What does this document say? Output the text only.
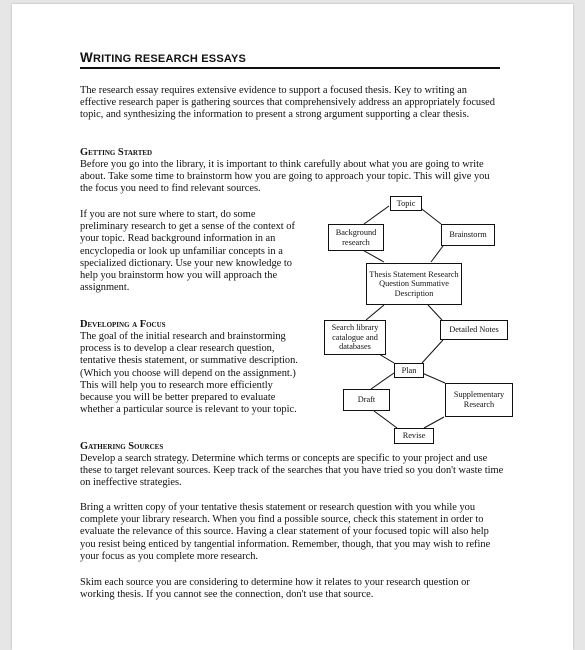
WRITING RESEARCH ESSAYS

The research essay requires extensive evidence to support a focused thesis. Key to writing an effective research paper is gathering sources that comprehensively address an appropriately focused topic, and synthesizing the information to present a strong argument supporting a clear thesis.

Getting Started

Before you go into the library, it is important to think carefully about what you are going to write about. Take some time to brainstorm how you are going to approach your topic. This will give you the focus you need to find relevant sources.

If you are not sure where to start, do some preliminary research to get a sense of the context of your topic. Read background information in an encyclopedia or look up unfamiliar concepts in a specialized dictionary. Use your new knowledge to help you brainstorm how you will approach the assignment.

Developing a Focus

The goal of the initial research and brainstorming process is to develop a clear research question, tentative thesis statement, or summative description. (Which you choose will depend on the assignment.) This will help you to research more efficiently because you will be better prepared to evaluate whether a particular source is relevant to your topic.

Gathering Sources

Develop a search strategy. Determine which terms or concepts are specific to your project and use these to target relevant sources. Keep track of the searches that you have tried so you don't waste time on ineffective strategies.

Bring a written copy of your tentative thesis statement or research question with you while you complete your library research. When you find a possible source, check this statement in order to evaluate the relevance of this source. Having a clear statement of your focused topic will also help you resist being enticed by tangential information. Remember, though, that you may wish to refine your focus as you complete more research.

Skim each source you are considering to determine how it relates to your research question or working thesis. If you cannot see the connection, don't use that source.

Topic
Background research
Brainstorm
Thesis Statement Research Question Summative Description
Search library catalogue and databases
Detailed Notes
Plan
Draft
Supplementary Research
Revise
